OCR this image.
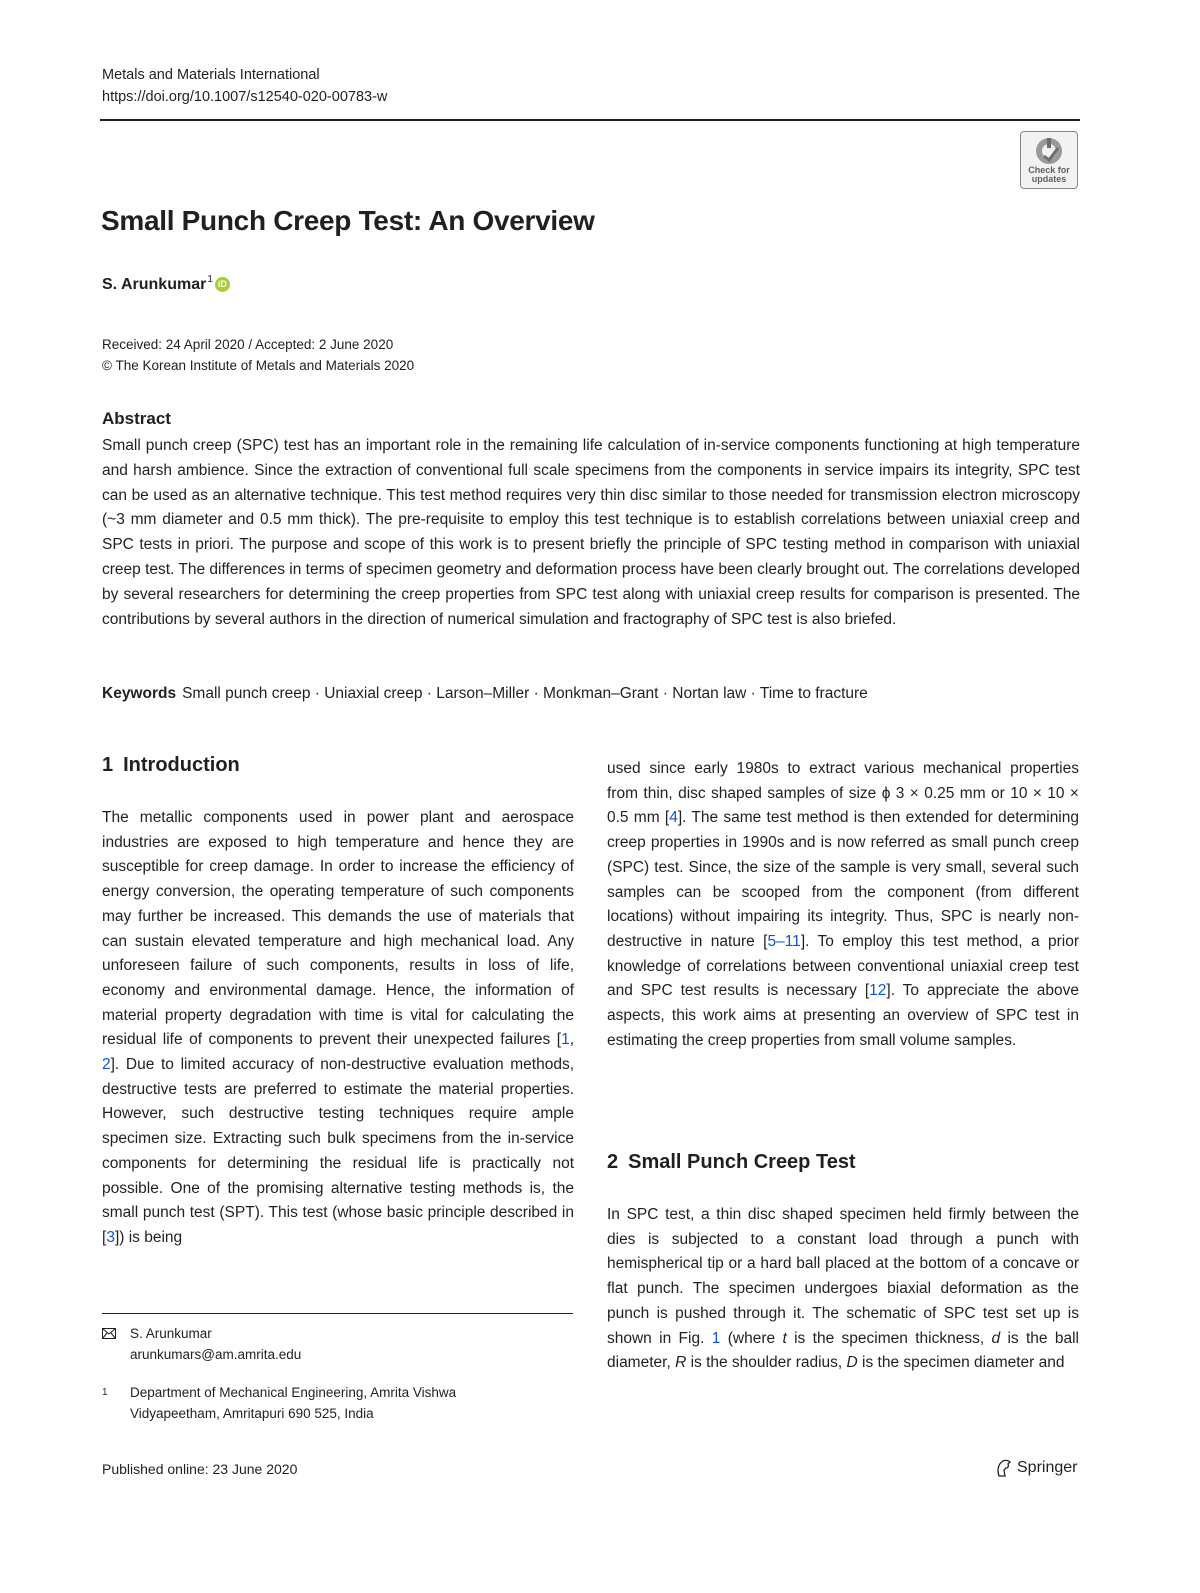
Metals and Materials International
https://doi.org/10.1007/s12540-020-00783-w
Check for
updates
Small Punch Creep Test: An Overview
S. Arunkumar$^1$ iD
Received: 24 April 2020 / Accepted: 2 June 2020
© The Korean Institute of Metals and Materials 2020
Abstract
Small punch creep (SPC) test has an important role in the remaining life calculation of in-service components functioning at high temperature and harsh ambience. Since the extraction of conventional full scale specimens from the components in service impairs its integrity, SPC test can be used as an alternative technique. This test method requires very thin disc similar to those needed for transmission electron microscopy (~3 mm diameter and 0.5 mm thick). The pre-requisite to employ this test technique is to establish correlations between uniaxial creep and SPC tests in priori. The purpose and scope of this work is to present briefly the principle of SPC testing method in comparison with uniaxial creep test. The differences in terms of specimen geometry and deformation process have been clearly brought out. The correlations developed by several researchers for determining the creep properties from SPC test along with uniaxial creep results for comparison is presented. The contributions by several authors in the direction of numerical simulation and fractography of SPC test is also briefed.
Keywords Small punch creep · Uniaxial creep · Larson–Miller · Monkman–Grant · Nortan law · Time to fracture
1 Introduction
The metallic components used in power plant and aerospace industries are exposed to high temperature and hence they are susceptible for creep damage. In order to increase the efficiency of energy conversion, the operating temperature of such components may further be increased. This demands the use of materials that can sustain elevated temperature and high mechanical load. Any unforeseen failure of such components, results in loss of life, economy and environmental damage. Hence, the information of material property degradation with time is vital for calculating the residual life of components to prevent their unexpected failures [1, 2]. Due to limited accuracy of non-destructive evaluation methods, destructive tests are preferred to estimate the material properties. However, such destructive testing techniques require ample specimen size. Extracting such bulk specimens from the in-service components for determining the residual life is practically not possible. One of the promising alternative testing methods is, the small punch test (SPT). This test (whose basic principle described in [3]) is being
used since early 1980s to extract various mechanical properties from thin, disc shaped samples of size ϕ 3 × 0.25 mm or 10 × 10 × 0.5 mm [4]. The same test method is then extended for determining creep properties in 1990s and is now referred as small punch creep (SPC) test. Since, the size of the sample is very small, several such samples can be scooped from the component (from different locations) without impairing its integrity. Thus, SPC is nearly non-destructive in nature [5–11]. To employ this test method, a prior knowledge of correlations between conventional uniaxial creep test and SPC test results is necessary [12]. To appreciate the above aspects, this work aims at presenting an overview of SPC test in estimating the creep properties from small volume samples.
2 Small Punch Creep Test
In SPC test, a thin disc shaped specimen held firmly between the dies is subjected to a constant load through a punch with hemispherical tip or a hard ball placed at the bottom of a concave or flat punch. The specimen undergoes biaxial deformation as the punch is pushed through it. The schematic of SPC test set up is shown in Fig. 1 (where t is the specimen thickness, d is the ball diameter, R is the shoulder radius, D is the specimen diameter and
S. Arunkumar
arunkumars@am.amrita.edu
1 Department of Mechanical Engineering, Amrita Vishwa Vidyapeetham, Amritapuri 690 525, India
Published online: 23 June 2020	Springer
